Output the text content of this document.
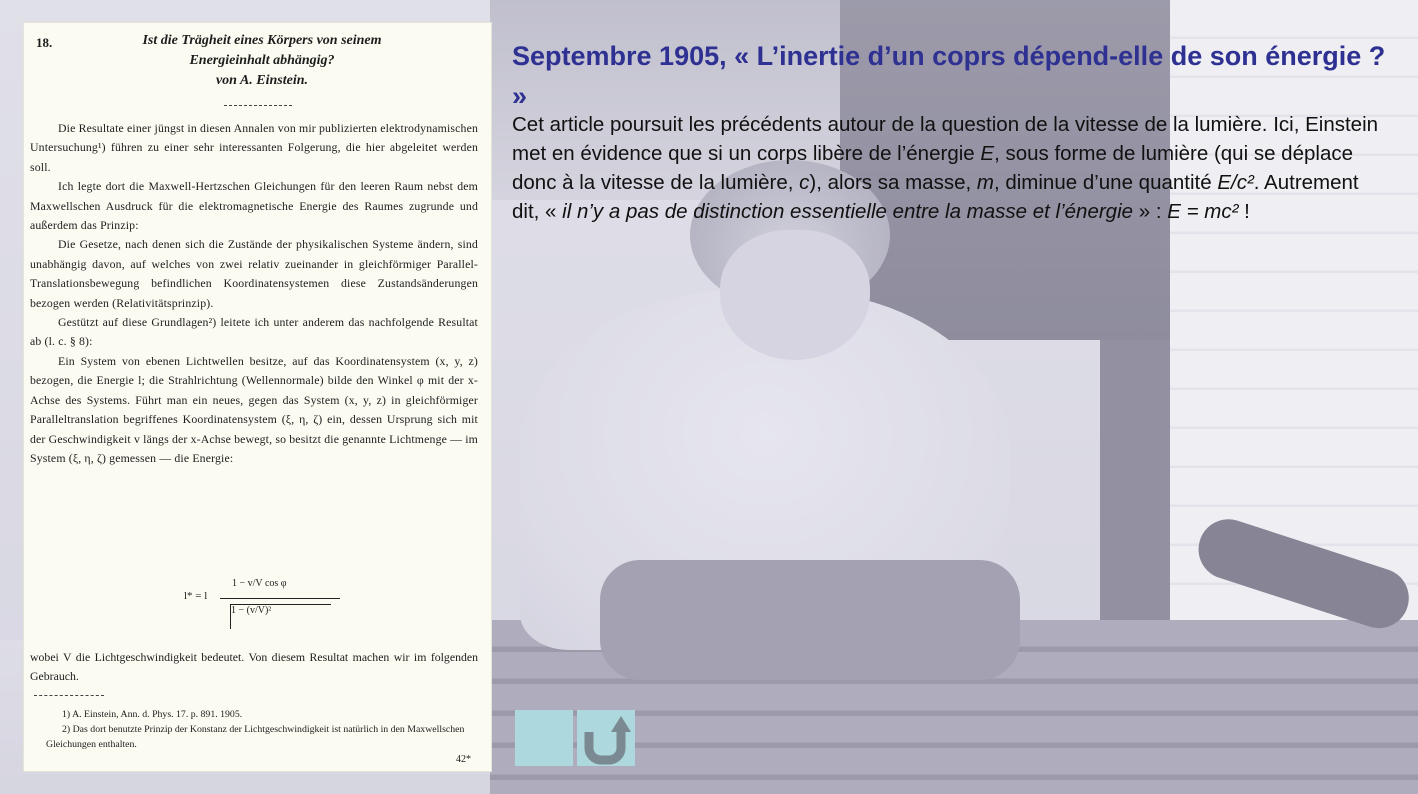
18.	Ist die Trägheit eines Körpers von seinem
Energieinhalt abhängig?
von A. Einstein.

Die Resultate einer jüngst in diesen Annalen von mir publizierten elektrodynamischen Untersuchung¹) führen zu einer sehr interessanten Folgerung, die hier abgeleitet werden soll.

Ich legte dort die Maxwell-Hertzschen Gleichungen für den leeren Raum nebst dem Maxwellschen Ausdruck für die elektromagnetische Energie des Raumes zugrunde und außerdem das Prinzip:

Die Gesetze, nach denen sich die Zustände der physikalischen Systeme ändern, sind unabhängig davon, auf welches von zwei relativ zueinander in gleichförmiger Parallel-Translationsbewegung befindlichen Koordinatensystemen diese Zustandsänderungen bezogen werden (Relativitätsprinzip).

Gestützt auf diese Grundlagen²) leitete ich unter anderem das nachfolgende Resultat ab (l. c. § 8):

Ein System von ebenen Lichtwellen besitze, auf das Koordinatensystem (x, y, z) bezogen, die Energie l; die Strahlrichtung (Wellennormale) bilde den Winkel φ mit der x-Achse des Systems. Führt man ein neues, gegen das System (x, y, z) in gleichförmiger Paralleltranslation begriffenes Koordinatensystem (ξ, η, ζ) ein, dessen Ursprung sich mit der Geschwindigkeit v längs der x-Achse bewegt, so besitzt die genannte Lichtmenge — im System (ξ, η, ζ) gemessen — die Energie:

1 − v/V cos φ
l* = l
1 − (v/V)²
wobei V die Lichtgeschwindigkeit bedeutet. Von diesem Resultat machen wir im folgenden Gebrauch.
1) A. Einstein, Ann. d. Phys. 17. p. 891. 1905.
2) Das dort benutzte Prinzip der Konstanz der Lichtgeschwindigkeit ist natürlich in den Maxwellschen Gleichungen enthalten.
42*
Septembre 1905, « L’inertie d’un coprs dépend-elle de son énergie ? »

Cet article poursuit les précédents autour de la question de la vitesse de la lumière. Ici, Einstein met en évidence que si un corps libère de l’énergie E, sous forme de lumière (qui se déplace donc à la vitesse de la lumière, c), alors sa masse, m, diminue d’une quantité E/c². Autrement dit, « il n’y a pas de distinction essentielle entre la masse et l’énergie » : E = mc² !
